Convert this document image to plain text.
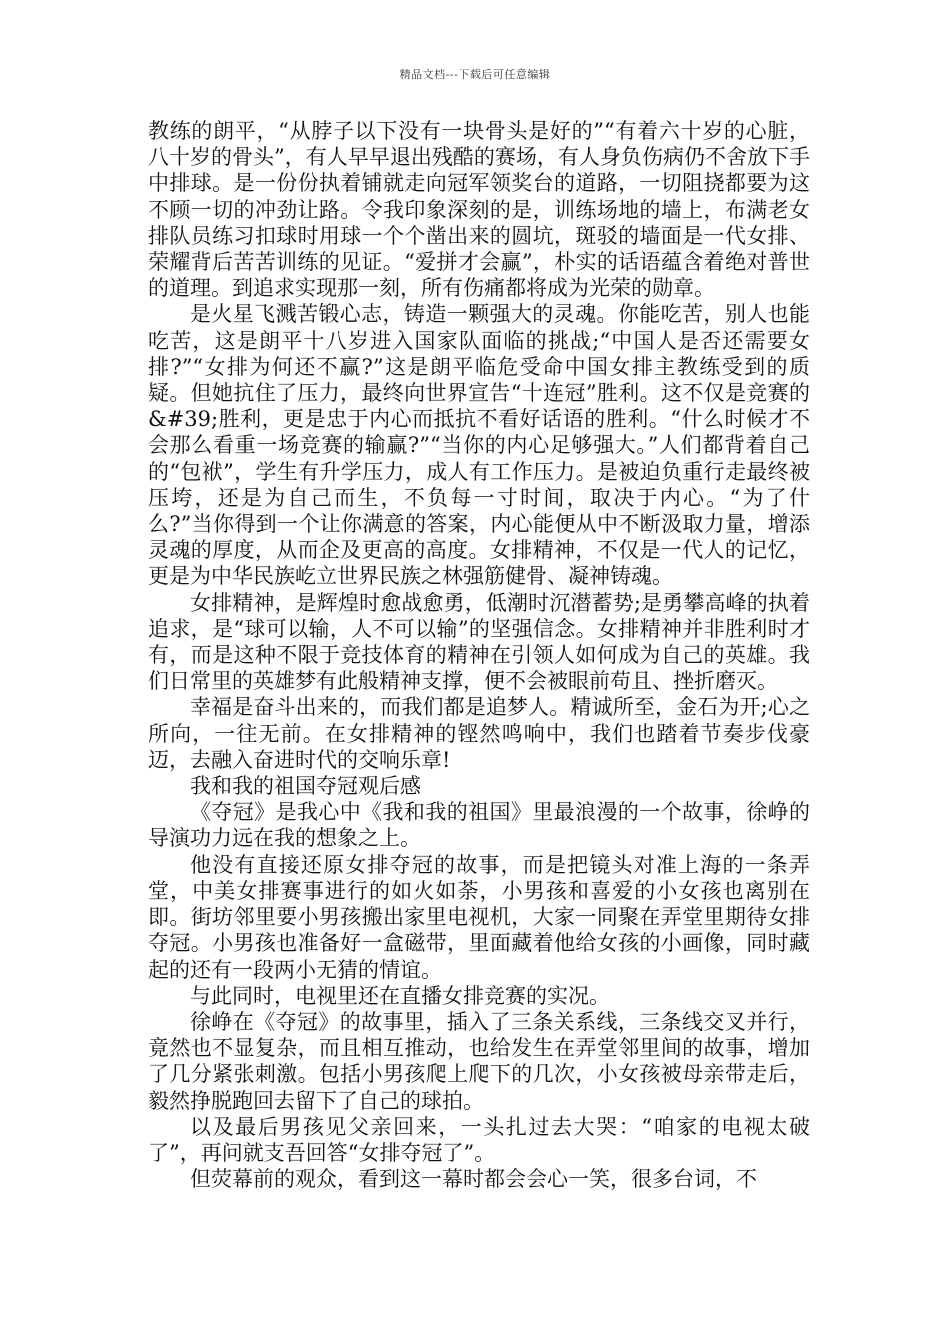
精品文档---下载后可任意编辑

教练的朗平，“从脖子以下没有一块骨头是好的”“有着六十岁的心脏，八十岁的骨头”，有人早早退出残酷的赛场，有人身负伤病仍不舍放下手中排球。是一份份执着铺就走向冠军领奖台的道路，一切阻挠都要为这不顾一切的冲劲让路。令我印象深刻的是，训练场地的墙上，布满老女排队员练习扣球时用球一个个凿出来的圆坑，斑驳的墙面是一代女排、荣耀背后苦苦训练的见证。“爱拼才会赢”，朴实的话语蕴含着绝对普世的道理。到追求实现那一刻，所有伤痛都将成为光荣的勋章。

是火星飞溅苦锻心志，铸造一颗强大的灵魂。你能吃苦，别人也能吃苦，这是朗平十八岁进入国家队面临的挑战;“中国人是否还需要女排?”“女排为何还不赢?”这是朗平临危受命中国女排主教练受到的质疑。但她抗住了压力，最终向世界宣告“十连冠”胜利。这不仅是竞赛的&#39;胜利，更是忠于内心而抵抗不看好话语的胜利。“什么时候才不会那么看重一场竞赛的输赢?”“当你的内心足够强大。”人们都背着自己的“包袱”，学生有升学压力，成人有工作压力。是被迫负重行走最终被压垮，还是为自己而生，不负每一寸时间，取决于内心。“为了什么?”当你得到一个让你满意的答案，内心能便从中不断汲取力量，增添灵魂的厚度，从而企及更高的高度。女排精神，不仅是一代人的记忆，更是为中华民族屹立世界民族之林强筋健骨、凝神铸魂。

女排精神，是辉煌时愈战愈勇，低潮时沉潜蓄势;是勇攀高峰的执着追求，是“球可以输，人不可以输”的坚强信念。女排精神并非胜利时才有，而是这种不限于竞技体育的精神在引领人如何成为自己的英雄。我们日常里的英雄梦有此般精神支撑，便不会被眼前苟且、挫折磨灭。

幸福是奋斗出来的，而我们都是追梦人。精诚所至，金石为开;心之所向，一往无前。在女排精神的铿然鸣响中，我们也踏着节奏步伐豪迈，去融入奋进时代的交响乐章!

我和我的祖国夺冠观后感

《夺冠》是我心中《我和我的祖国》里最浪漫的一个故事，徐峥的导演功力远在我的想象之上。

他没有直接还原女排夺冠的故事，而是把镜头对准上海的一条弄堂，中美女排赛事进行的如火如荼，小男孩和喜爱的小女孩也离别在即。街坊邻里要小男孩搬出家里电视机，大家一同聚在弄堂里期待女排夺冠。小男孩也准备好一盒磁带，里面藏着他给女孩的小画像，同时藏起的还有一段两小无猜的情谊。

与此同时，电视里还在直播女排竞赛的实况。

徐峥在《夺冠》的故事里，插入了三条关系线，三条线交叉并行，竟然也不显复杂，而且相互推动，也给发生在弄堂邻里间的故事，增加了几分紧张刺激。包括小男孩爬上爬下的几次，小女孩被母亲带走后，毅然挣脱跑回去留下了自己的球拍。

以及最后男孩见父亲回来，一头扎过去大哭：“咱家的电视太破了”，再问就支吾回答“女排夺冠了”。

但荧幕前的观众，看到这一幕时都会会心一笑，很多台词，不
